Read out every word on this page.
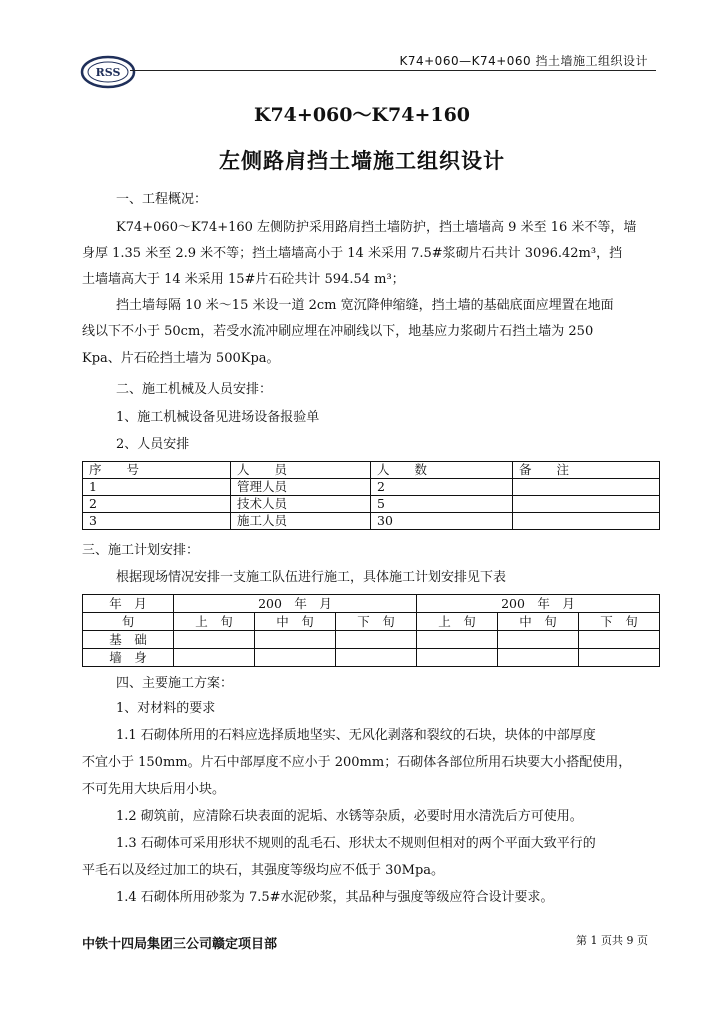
RSS
K74+060—K74+060 挡土墙施工组织设计
K74+060～K74+160
左侧路肩挡土墙施工组织设计
一、工程概况：
K74+060～K74+160 左侧防护采用路肩挡土墙防护，挡土墙墙高 9 米至 16 米不等，墙
身厚 1.35 米至 2.9 米不等；挡土墙墙高小于 14 米采用 7.5#浆砌片石共计 3096.42m³，挡
土墙墙高大于 14 米采用 15#片石砼共计 594.54 m³；
挡土墙每隔 10 米～15 米设一道 2cm 宽沉降伸缩缝，挡土墙的基础底面应埋置在地面
线以下不小于 50cm，若受水流冲刷应埋在冲刷线以下，地基应力浆砌片石挡土墙为 250
Kpa、片石砼挡土墙为 500Kpa。
二、施工机械及人员安排：
1、施工机械设备见进场设备报验单
2、人员安排
序　　号	人　　员	人　　数	备　　注
1	管理人员	2	
2	技术人员	5	
3	施工人员	30	
三、施工计划安排：
根据现场情况安排一支施工队伍进行施工，具体施工计划安排见下表
年　月	200　年　月			200　年　月		
旬	上　旬	中　旬	下　旬	上　旬	中　旬	下　旬
基　础						
墙　身						
四、主要施工方案：
1、对材料的要求
1.1 石砌体所用的石料应选择质地坚实、无风化剥落和裂纹的石块，块体的中部厚度
不宜小于 150mm。片石中部厚度不应小于 200mm；石砌体各部位所用石块要大小搭配使用，
不可先用大块后用小块。
1.2 砌筑前，应清除石块表面的泥垢、水锈等杂质，必要时用水清洗后方可使用。
1.3 石砌体可采用形状不规则的乱毛石、形状太不规则但相对的两个平面大致平行的
平毛石以及经过加工的块石，其强度等级均应不低于 30Mpa。
1.4 石砌体所用砂浆为 7.5#水泥砂浆，其品种与强度等级应符合设计要求。
中铁十四局集团三公司赣定项目部	第 1 页共 9 页
